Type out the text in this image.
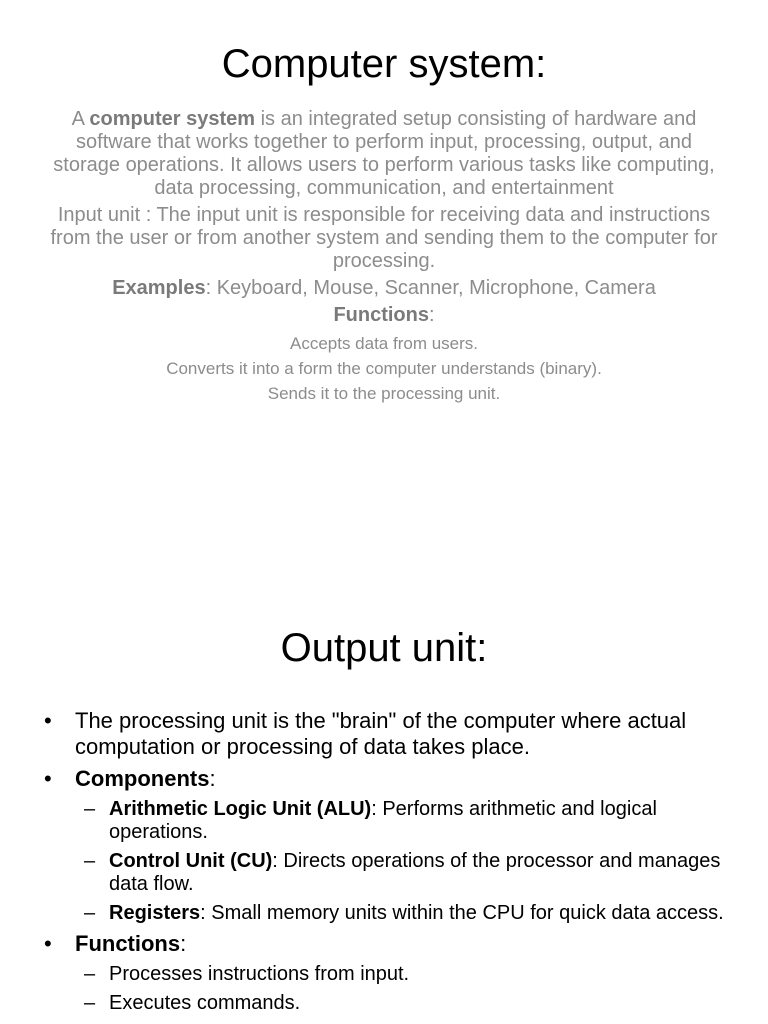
Computer system:

A computer system is an integrated setup consisting of hardware and software that works together to perform input, processing, output, and storage operations. It allows users to perform various tasks like computing, data processing, communication, and entertainment

Input unit : The input unit is responsible for receiving data and instructions from the user or from another system and sending them to the computer for processing.

Examples: Keyboard, Mouse, Scanner, Microphone, Camera

Functions:

Accepts data from users.

Converts it into a form the computer understands (binary).

Sends it to the processing unit.

Output unit:
• The processing unit is the "brain" of the computer where actual computation or processing of data takes place.
• Components:
– Arithmetic Logic Unit (ALU): Performs arithmetic and logical operations.
– Control Unit (CU): Directs operations of the processor and manages data flow.
– Registers: Small memory units within the CPU for quick data access.
• Functions:
– Processes instructions from input.
– Executes commands.
